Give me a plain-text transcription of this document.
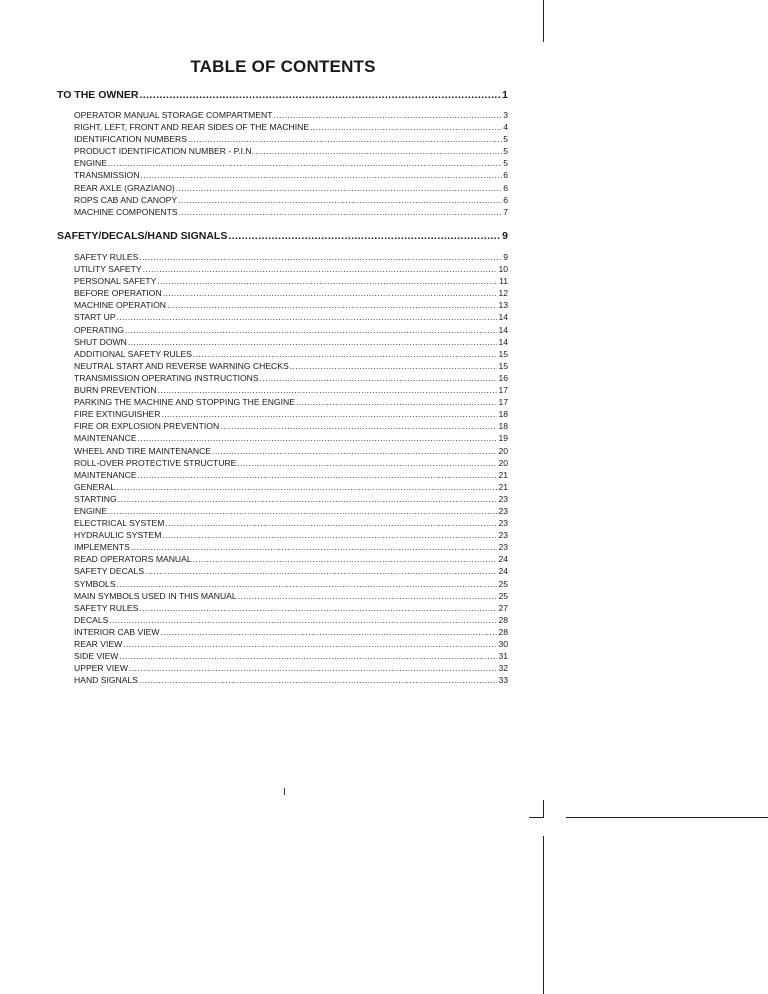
TABLE OF CONTENTS
TO THE OWNER .....	1
OPERATOR MANUAL STORAGE COMPARTMENT .....	3
RIGHT, LEFT, FRONT AND REAR SIDES OF THE MACHINE .....	4
IDENTIFICATION NUMBERS .....	5
PRODUCT IDENTIFICATION NUMBER - P.I.N. .....	5
ENGINE .....	5
TRANSMISSION .....	6
REAR AXLE (GRAZIANO) .....	6
ROPS CAB AND CANOPY .....	6
MACHINE COMPONENTS .....	7
SAFETY/DECALS/HAND SIGNALS .....	9
SAFETY RULES .....	9
UTILITY SAFETY .....	10
PERSONAL SAFETY .....	11
BEFORE OPERATION .....	12
MACHINE OPERATION .....	13
START UP .....	14
OPERATING .....	14
SHUT DOWN .....	14
ADDITIONAL SAFETY RULES .....	15
NEUTRAL START AND REVERSE WARNING CHECKS .....	15
TRANSMISSION OPERATING INSTRUCTIONS .....	16
BURN PREVENTION .....	17
PARKING THE MACHINE AND STOPPING THE ENGINE .....	17
FIRE EXTINGUISHER .....	18
FIRE OR EXPLOSION PREVENTION .....	18
MAINTENANCE .....	19
WHEEL AND TIRE MAINTENANCE .....	20
ROLL-OVER PROTECTIVE STRUCTURE .....	20
MAINTENANCE .....	21
GENERAL .....	21
STARTING .....	23
ENGINE .....	23
ELECTRICAL SYSTEM .....	23
HYDRAULIC SYSTEM .....	23
IMPLEMENTS .....	23
READ OPERATORS MANUAL .....	24
SAFETY DECALS .....	24
SYMBOLS .....	25
MAIN SYMBOLS USED IN THIS MANUAL .....	25
SAFETY RULES .....	27
DECALS .....	28
INTERIOR CAB VIEW .....	28
REAR VIEW .....	30
SIDE VIEW .....	31
UPPER VIEW .....	32
HAND SIGNALS .....	33
I
